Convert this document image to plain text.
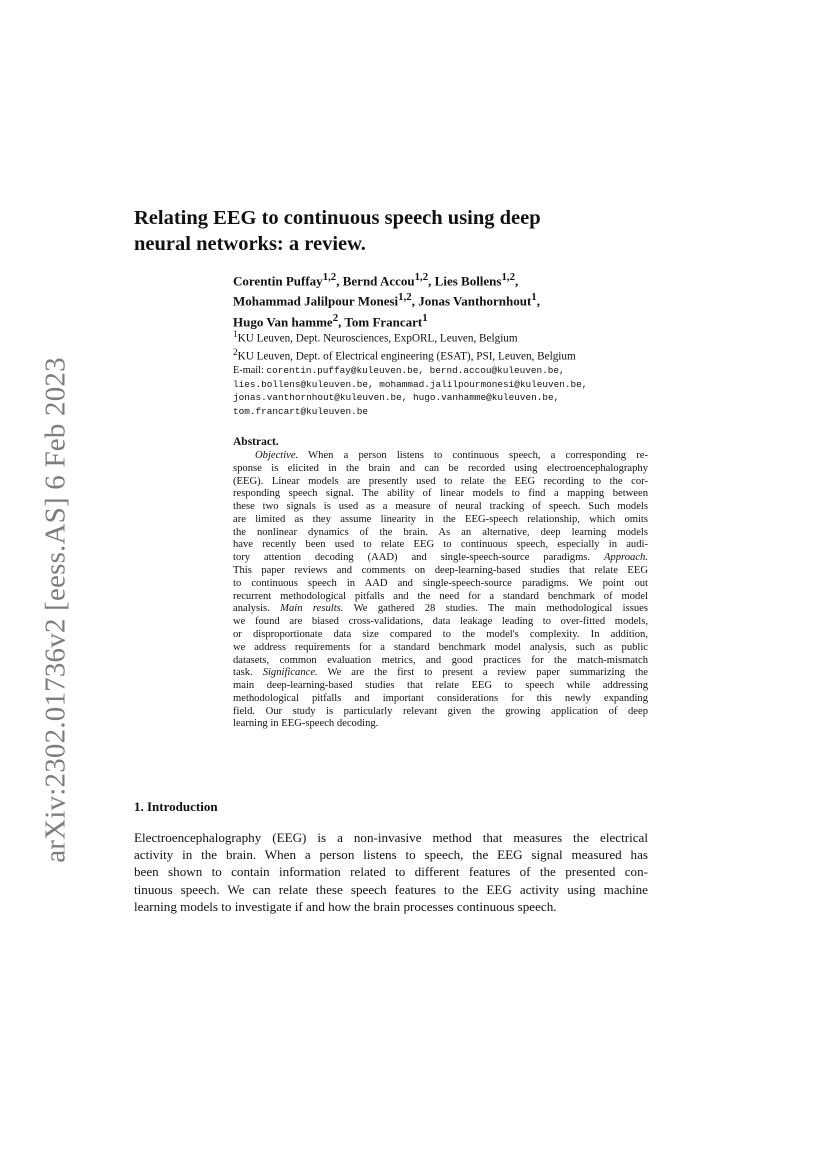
arXiv:2302.01736v2 [eess.AS] 6 Feb 2023
Relating EEG to continuous speech using deep
neural networks: a review.
Corentin Puffay$^{1,2}$, Bernd Accou$^{1,2}$, Lies Bollens$^{1,2}$,
Mohammad Jalilpour Monesi$^{1,2}$, Jonas Vanthornhout$^1$,
Hugo Van hamme$^2$, Tom Francart$^1$
$^1$KU Leuven, Dept. Neurosciences, ExpORL, Leuven, Belgium
$^2$KU Leuven, Dept. of Electrical engineering (ESAT), PSI, Leuven, Belgium
E-mail: corentin.puffay@kuleuven.be, bernd.accou@kuleuven.be,
lies.bollens@kuleuven.be, mohammad.jalilpourmonesi@kuleuven.be,
jonas.vanthornhout@kuleuven.be, hugo.vanhamme@kuleuven.be,
tom.francart@kuleuven.be
Abstract.
Objective. When a person listens to continuous speech, a corresponding re-
sponse is elicited in the brain and can be recorded using electroencephalography
(EEG). Linear models are presently used to relate the EEG recording to the cor-
responding speech signal. The ability of linear models to find a mapping between
these two signals is used as a measure of neural tracking of speech. Such models
are limited as they assume linearity in the EEG-speech relationship, which omits
the nonlinear dynamics of the brain. As an alternative, deep learning models
have recently been used to relate EEG to continuous speech, especially in audi-
tory attention decoding (AAD) and single-speech-source paradigms. Approach.
This paper reviews and comments on deep-learning-based studies that relate EEG
to continuous speech in AAD and single-speech-source paradigms. We point out
recurrent methodological pitfalls and the need for a standard benchmark of model
analysis. Main results. We gathered 28 studies. The main methodological issues
we found are biased cross-validations, data leakage leading to over-fitted models,
or disproportionate data size compared to the model's complexity. In addition,
we address requirements for a standard benchmark model analysis, such as public
datasets, common evaluation metrics, and good practices for the match-mismatch
task. Significance. We are the first to present a review paper summarizing the
main deep-learning-based studies that relate EEG to speech while addressing
methodological pitfalls and important considerations for this newly expanding
field. Our study is particularly relevant given the growing application of deep
learning in EEG-speech decoding.
1. Introduction
Electroencephalography (EEG) is a non-invasive method that measures the electrical
activity in the brain. When a person listens to speech, the EEG signal measured has
been shown to contain information related to different features of the presented con-
tinuous speech. We can relate these speech features to the EEG activity using machine
learning models to investigate if and how the brain processes continuous speech.
